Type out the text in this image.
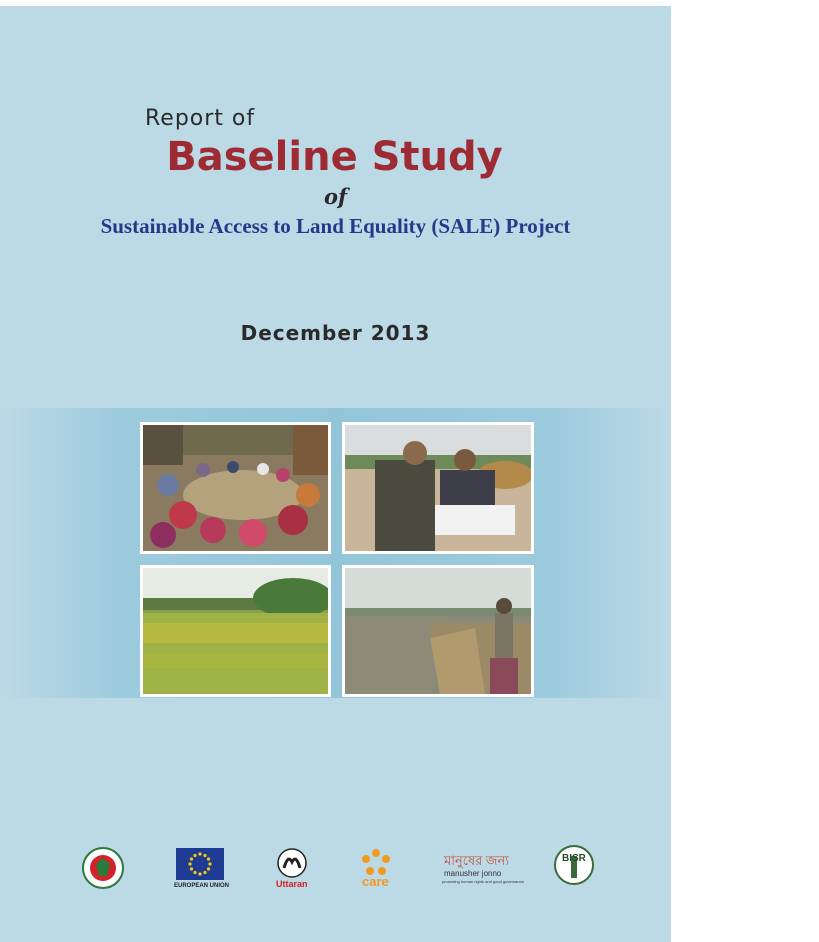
Report of
Baseline Study
of
Sustainable Access to Land Equality (SALE) Project
December 2013
EUROPEAN UNION	Uttaran	care
মানুষের জন্য
manusher jonno
promoting human rights and good governance
BISR
